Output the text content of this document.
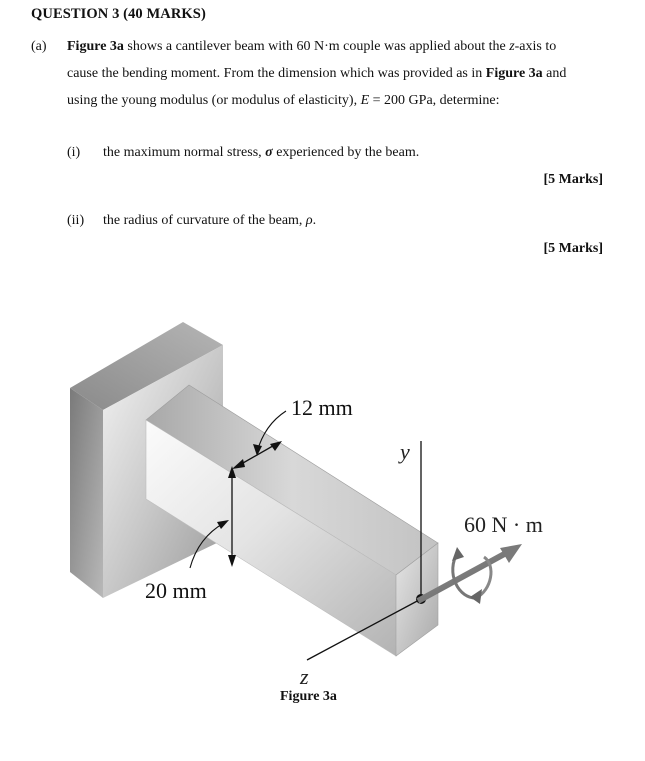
QUESTION 3 (40 MARKS)
(a) Figure 3a shows a cantilever beam with 60 N·m couple was applied about the z-axis to
cause the bending moment. From the dimension which was provided as in Figure 3a and
using the young modulus (or modulus of elasticity), E = 200 GPa, determine:
(i) the maximum normal stress, σ experienced by the beam.
[5 Marks]
(ii) the radius of curvature of the beam, ρ.
[5 Marks]
12 mm
20 mm
y
z
60 N · m
Figure 3a
